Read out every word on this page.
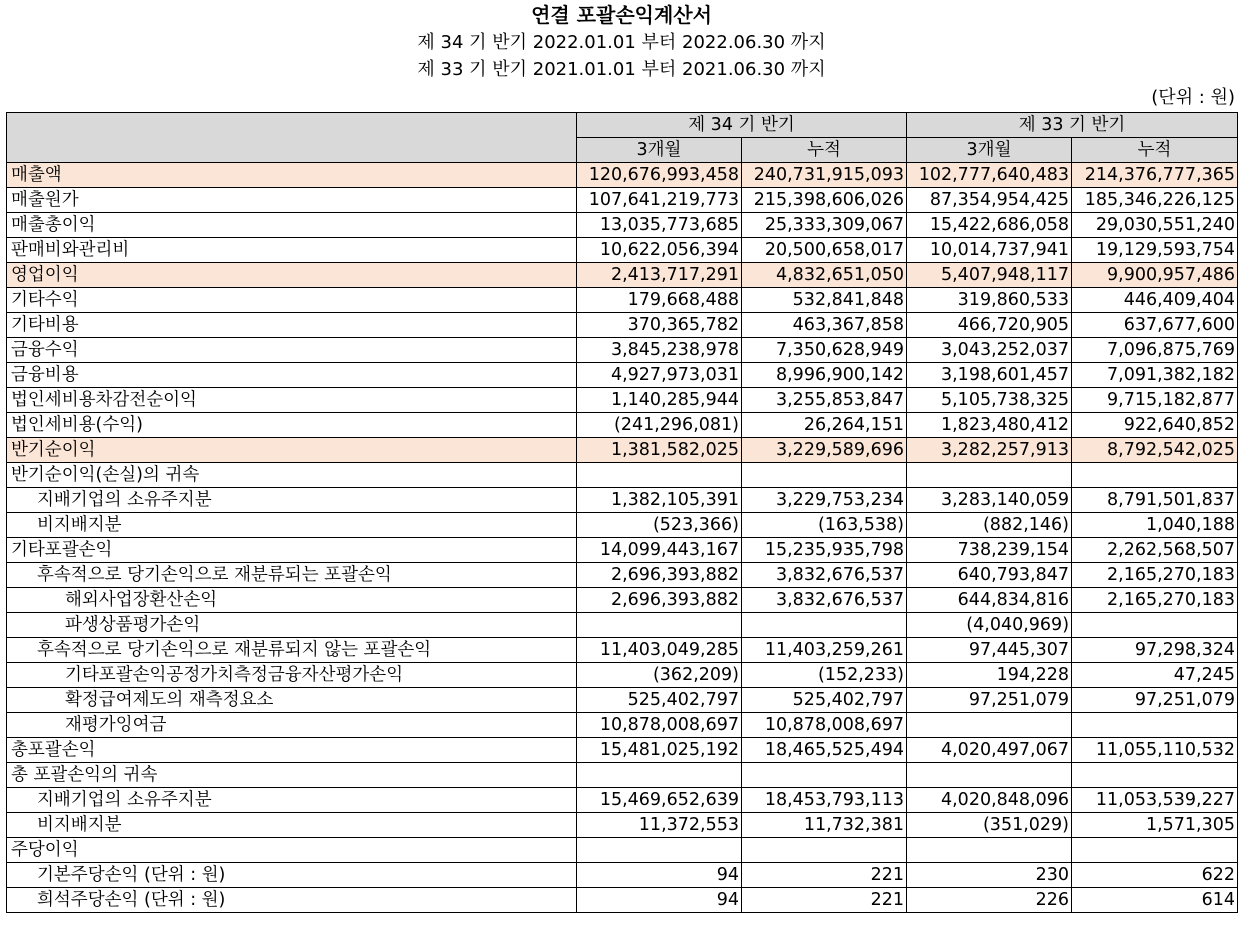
연결 포괄손익계산서
제 34 기 반기 2022.01.01 부터 2022.06.30 까지
제 33 기 반기 2021.01.01 부터 2021.06.30 까지
(단위 : 원)
	제 34 기 반기		제 33 기 반기	
	3개월	누적	3개월	누적
매출액	120,676,993,458	240,731,915,093	102,777,640,483	214,376,777,365
매출원가	107,641,219,773	215,398,606,026	87,354,954,425	185,346,226,125
매출총이익	13,035,773,685	25,333,309,067	15,422,686,058	29,030,551,240
판매비와관리비	10,622,056,394	20,500,658,017	10,014,737,941	19,129,593,754
영업이익	2,413,717,291	4,832,651,050	5,407,948,117	9,900,957,486
기타수익	179,668,488	532,841,848	319,860,533	446,409,404
기타비용	370,365,782	463,367,858	466,720,905	637,677,600
금융수익	3,845,238,978	7,350,628,949	3,043,252,037	7,096,875,769
금융비용	4,927,973,031	8,996,900,142	3,198,601,457	7,091,382,182
법인세비용차감전순이익	1,140,285,944	3,255,853,847	5,105,738,325	9,715,182,877
법인세비용(수익)	(241,296,081)	26,264,151	1,823,480,412	922,640,852
반기순이익	1,381,582,025	3,229,589,696	3,282,257,913	8,792,542,025
반기순이익(손실)의 귀속				
지배기업의 소유주지분	1,382,105,391	3,229,753,234	3,283,140,059	8,791,501,837
비지배지분	(523,366)	(163,538)	(882,146)	1,040,188
기타포괄손익	14,099,443,167	15,235,935,798	738,239,154	2,262,568,507
후속적으로 당기손익으로 재분류되는 포괄손익	2,696,393,882	3,832,676,537	640,793,847	2,165,270,183
해외사업장환산손익	2,696,393,882	3,832,676,537	644,834,816	2,165,270,183
파생상품평가손익			(4,040,969)	
후속적으로 당기손익으로 재분류되지 않는 포괄손익	11,403,049,285	11,403,259,261	97,445,307	97,298,324
기타포괄손익공정가치측정금융자산평가손익	(362,209)	(152,233)	194,228	47,245
확정급여제도의 재측정요소	525,402,797	525,402,797	97,251,079	97,251,079
재평가잉여금	10,878,008,697	10,878,008,697		
총포괄손익	15,481,025,192	18,465,525,494	4,020,497,067	11,055,110,532
총 포괄손익의 귀속				
지배기업의 소유주지분	15,469,652,639	18,453,793,113	4,020,848,096	11,053,539,227
비지배지분	11,372,553	11,732,381	(351,029)	1,571,305
주당이익				
기본주당손익 (단위 : 원)	94	221	230	622
희석주당손익 (단위 : 원)	94	221	226	614
